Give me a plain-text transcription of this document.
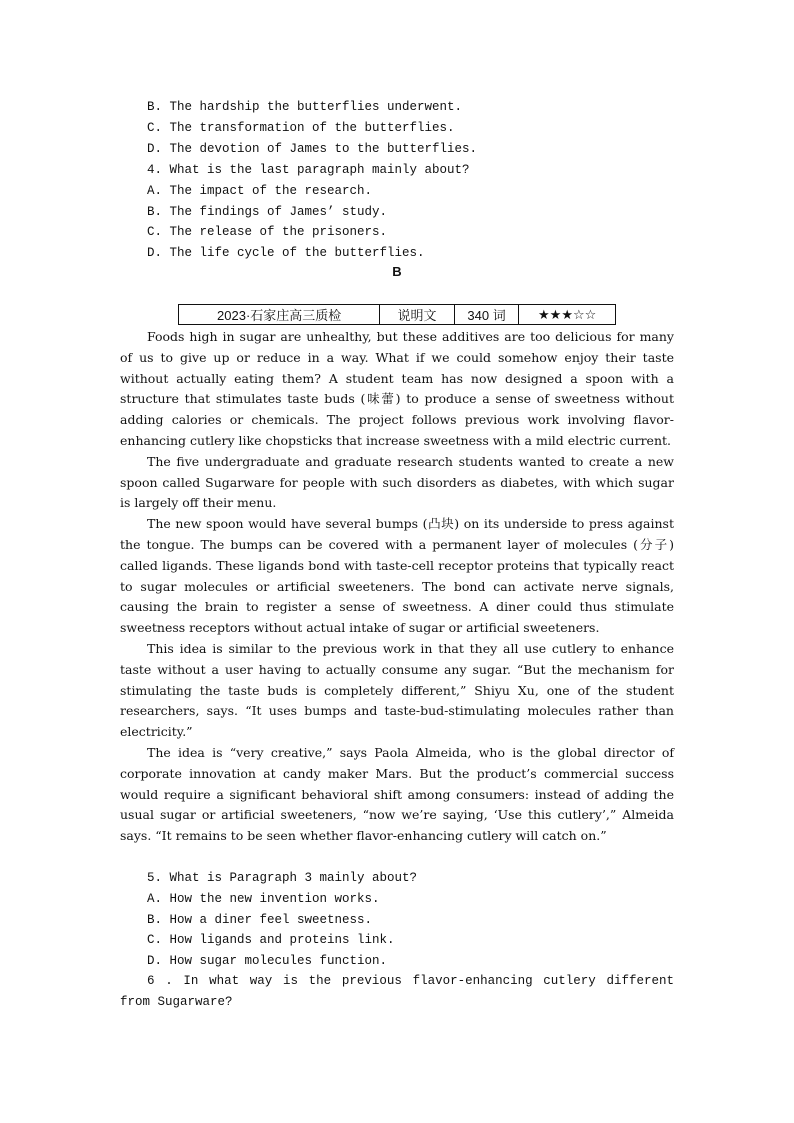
B. The hardship the butterflies underwent.
C. The transformation of the butterflies.
D. The devotion of James to the butterflies.
4. What is the last paragraph mainly about?
A. The impact of the research.
B. The findings of James’ study.
C. The release of the prisoners.
D. The life cycle of the butterflies.
B
2023·石家庄高三质检	说明文	340 词	★★★☆☆

Foods high in sugar are unhealthy, but these additives are too delicious for many of us to give up or reduce in a way. What if we could somehow enjoy their taste without actually eating them? A student team has now designed a spoon with a structure that stimulates taste buds (味蕾) to produce a sense of sweetness without adding calories or chemicals. The project follows previous work involving flavor-enhancing cutlery like chopsticks that increase sweetness with a mild electric current.

The five undergraduate and graduate research students wanted to create a new spoon called Sugarware for people with such disorders as diabetes, with which sugar is largely off their menu.

The new spoon would have several bumps (凸块) on its underside to press against the tongue. The bumps can be covered with a permanent layer of molecules (分子) called ligands. These ligands bond with taste-cell receptor proteins that typically react to sugar molecules or artificial sweeteners. The bond can activate nerve signals, causing the brain to register a sense of sweetness. A diner could thus stimulate sweetness receptors without actual intake of sugar or artificial sweeteners.

This idea is similar to the previous work in that they all use cutlery to enhance taste without a user having to actually consume any sugar. “But the mechanism for stimulating the taste buds is completely different,” Shiyu Xu, one of the student researchers, says. “It uses bumps and taste-bud-stimulating molecules rather than electricity.”

The idea is “very creative,” says Paola Almeida, who is the global director of corporate innovation at candy maker Mars. But the product’s commercial success would require a significant behavioral shift among consumers: instead of adding the usual sugar or artificial sweeteners, “now we’re saying, ‘Use this cutlery’,” Almeida says. “It remains to be seen whether flavor-enhancing cutlery will catch on.”

5. What is Paragraph 3 mainly about?
A. How the new invention works.
B. How a diner feel sweetness.
C. How ligands and proteins link.
D. How sugar molecules function.
6 . In what way is the previous flavor-enhancing cutlery different from Sugarware?
